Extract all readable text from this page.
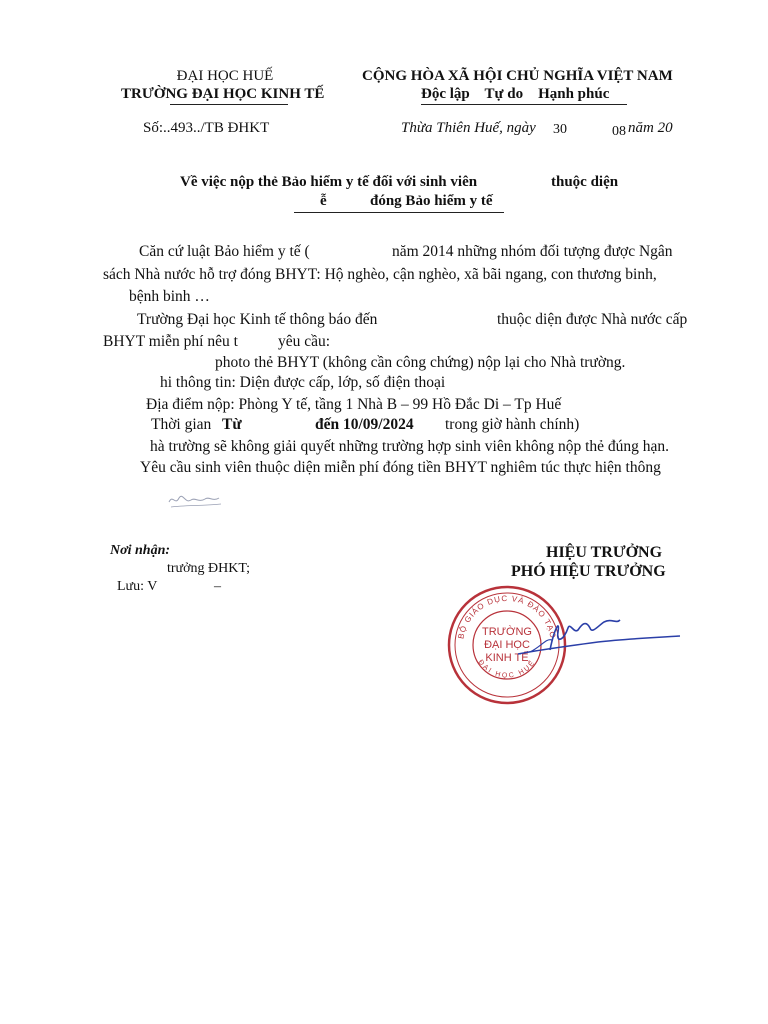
ĐẠI HỌC HUẾ
TRƯỜNG ĐẠI HỌC KINH TẾ
CỘNG HÒA XÃ HỘI CHỦ NGHĨA VIỆT NAM
Độc lập    Tự do    Hạnh phúc
Số:..493../TB ĐHKT	Thừa Thiên Huế, ngày 30	08 năm 20
Về việc nộp thẻ Bảo hiểm y tế đối với sinh viên	thuộc diện
ễ	đóng Bảo hiểm y tế
Căn cứ luật Bảo hiểm y tế (	năm 2014 những nhóm đối tượng được Ngân
sách Nhà nước hỗ trợ đóng BHYT: Hộ nghèo, cận nghèo, xã bãi ngang, con thương binh,
bệnh binh …
Trường Đại học Kinh tế thông báo đến	thuộc diện được Nhà nước cấp
BHYT miễn phí nêu t	yêu cầu:
photo thẻ BHYT (không cần công chứng) nộp lại cho Nhà trường.
hi thông tin: Diện được cấp, lớp, số điện thoại
Địa điểm nộp: Phòng Y tế, tầng 1 Nhà B – 99 Hồ Đắc Di – Tp Huế
Thời gian Từ	đến 10/09/2024 trong giờ hành chính)
hà trường sẽ không giải quyết những trường hợp sinh viên không nộp thẻ đúng hạn.
Yêu cầu sinh viên thuộc diện miễn phí đóng tiền BHYT nghiêm túc thực hiện thông
Nơi nhận:
trưởng ĐHKT;
Lưu: V	–
HIỆU TRƯỞNG
PHÓ HIỆU TRƯỞNG
BỘ GIÁO DỤC VÀ ĐÀO TẠO
ĐẠI HỌC HUẾ
TRƯỜNG
ĐẠI HỌC
KINH TẾ
